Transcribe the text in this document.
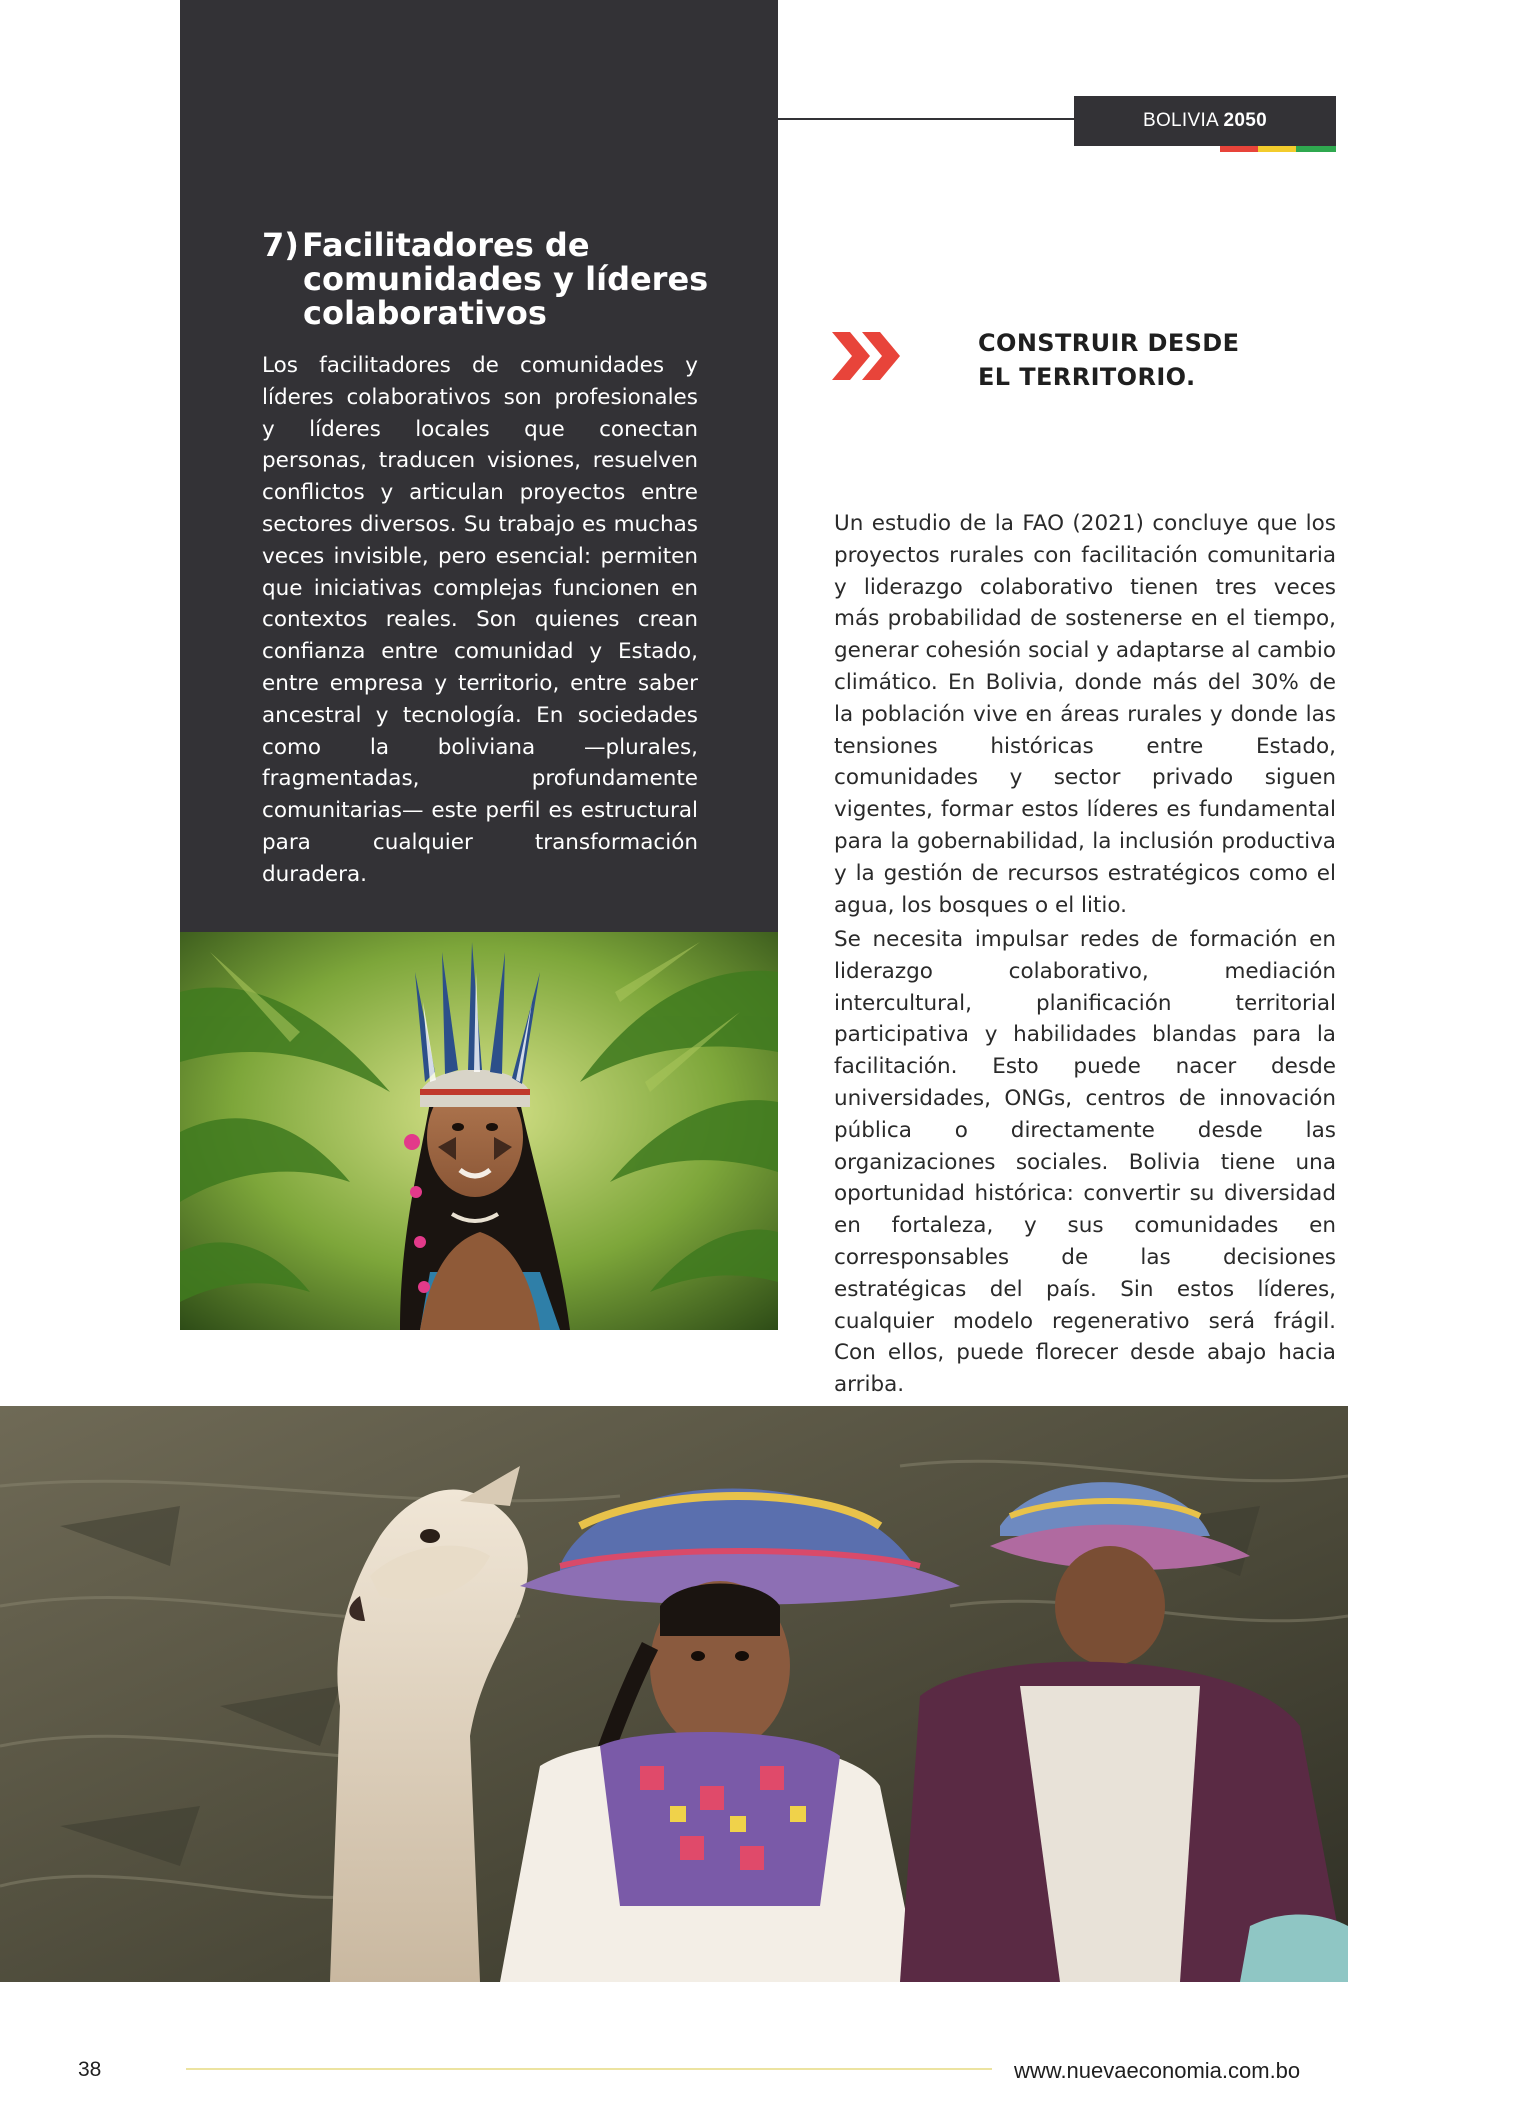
7)Facilitadores de
comunidades y líderes
colaborativos

Los facilitadores de comunidades y líderes colaborativos son profesionales y líderes locales que conectan personas, traducen visiones, resuelven conflictos y articulan proyectos entre sectores diversos. Su trabajo es muchas veces invisible, pero esencial: permiten que iniciativas complejas funcionen en contextos reales. Son quienes crean confianza entre comunidad y Estado, entre empresa y territorio, entre saber ancestral y tecnología. En sociedades como la boliviana —plurales, fragmentadas, profundamente comunitarias— este perfil es estructural para cualquier transformación duradera.

BOLIVIA 2050
CONSTRUIR DESDE
EL TERRITORIO.

Un estudio de la FAO (2021) concluye que los proyectos rurales con facilitación comunitaria y liderazgo colaborativo tienen tres veces más probabilidad de sostenerse en el tiempo, generar cohesión social y adaptarse al cambio climático. En Bolivia, donde más del 30% de la población vive en áreas rurales y donde las tensiones históricas entre Estado, comunidades y sector privado siguen vigentes, formar estos líderes es fundamental para la gobernabilidad, la inclusión productiva y la gestión de recursos estratégicos como el agua, los bosques o el litio.

Se necesita impulsar redes de formación en liderazgo colaborativo, mediación intercultural, planificación territorial participativa y habilidades blandas para la facilitación. Esto puede nacer desde universidades, ONGs, centros de innovación pública o directamente desde las organizaciones sociales. Bolivia tiene una oportunidad histórica: convertir su diversidad en fortaleza, y sus comunidades en corresponsables de las decisiones estratégicas del país. Sin estos líderes, cualquier modelo regenerativo será frágil. Con ellos, puede florecer desde abajo hacia arriba.

38	www.nuevaeconomia.com.bo
